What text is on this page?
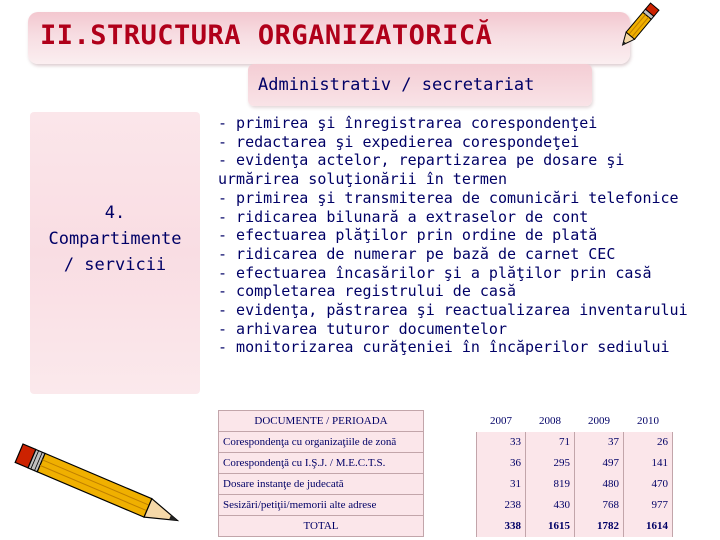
II.STRUCTURA ORGANIZATORICĂ
Administrativ / secretariat
4.
Compartimente
/ servicii
- primirea şi înregistrarea corespondenţei
- redactarea şi expedierea corespondeţei
- evidenţa actelor, repartizarea pe dosare şi
urmărirea soluţionării în termen
- primirea şi transmiterea de comunicări telefonice
- ridicarea bilunară a extraselor de cont
- efectuarea plăţilor prin ordine de plată
- ridicarea de numerar pe bază de carnet CEC
- efectuarea încasărilor şi a plăţilor prin casă
- completarea registrului de casă
- evidenţa, păstrarea şi reactualizarea inventarului
- arhivarea tuturor documentelor
- monitorizarea curăţeniei în încăperilor sediului
DOCUMENTE / PERIOADA		2007	2008	2009	2010
Corespondenţa cu organizaţiile de zonă		33	71	37	26
Corespondenţă cu I.Ş.J. / M.E.C.T.S.		36	295	497	141
Dosare instanţe de judecată		31	819	480	470
Sesizări/petiţii/memorii alte adrese		238	430	768	977
TOTAL		338	1615	1782	1614
